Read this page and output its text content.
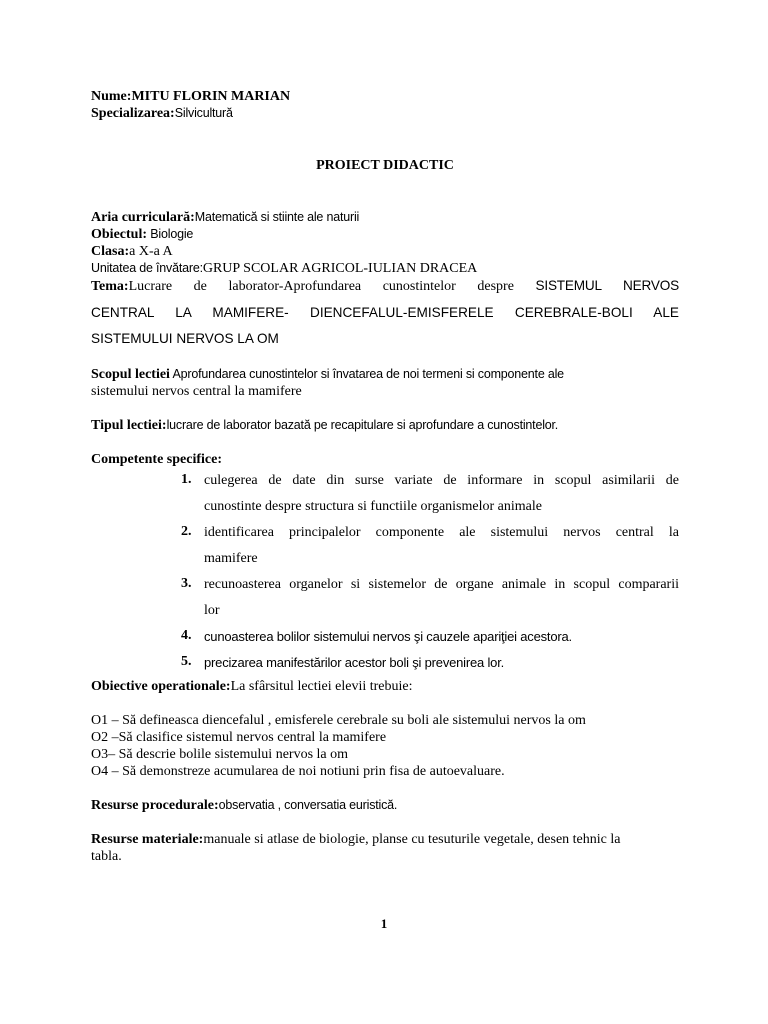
Nume:MITU FLORIN MARIAN

Specializarea:Silvicultură

PROIECT DIDACTIC

Aria curriculară:Matematică si stiinte ale naturii

Obiectul: Biologie

Clasa:a X-a A

Unitatea de învătare:GRUP SCOLAR AGRICOL-IULIAN DRACEA

Tema:Lucrare de laborator-Aprofundarea cunostintelor despre SISTEMUL NERVOS

CENTRAL LA MAMIFERE- DIENCEFALUL-EMISFERELE CEREBRALE-BOLI ALE

SISTEMULUI NERVOS LA OM

Scopul lectiei Aprofundarea cunostintelor si învatarea de noi termeni si componente ale

sistemului nervos central la mamifere

Tipul lectiei:lucrare de laborator bazată pe recapitulare si aprofundare a cunostintelor.

Competente specifice:

1. culegerea de date din surse variate de informare in scopul asimilarii de
cunostinte despre structura si functiile organismelor animale
2. identificarea principalelor componente ale sistemului nervos central la
mamifere
3. recunoasterea organelor si sistemelor de organe animale in scopul compararii
lor
4. cunoasterea bolilor sistemului nervos şi cauzele apariţiei acestora.
5. precizarea manifestărilor acestor boli şi prevenirea lor.

Obiective operationale:La sfârsitul lectiei elevii trebuie:

O1 – Să defineasca diencefalul , emisferele cerebrale su boli ale sistemului nervos la om
O2 –Să clasifice sistemul nervos central la mamifere
O3– Să descrie bolile sistemului nervos la om
O4 – Să demonstreze acumularea de noi notiuni prin fisa de autoevaluare.

Resurse procedurale:observatia , conversatia euristică.

Resurse materiale:manuale si atlase de biologie, planse cu tesuturile vegetale, desen tehnic la

tabla.

1
